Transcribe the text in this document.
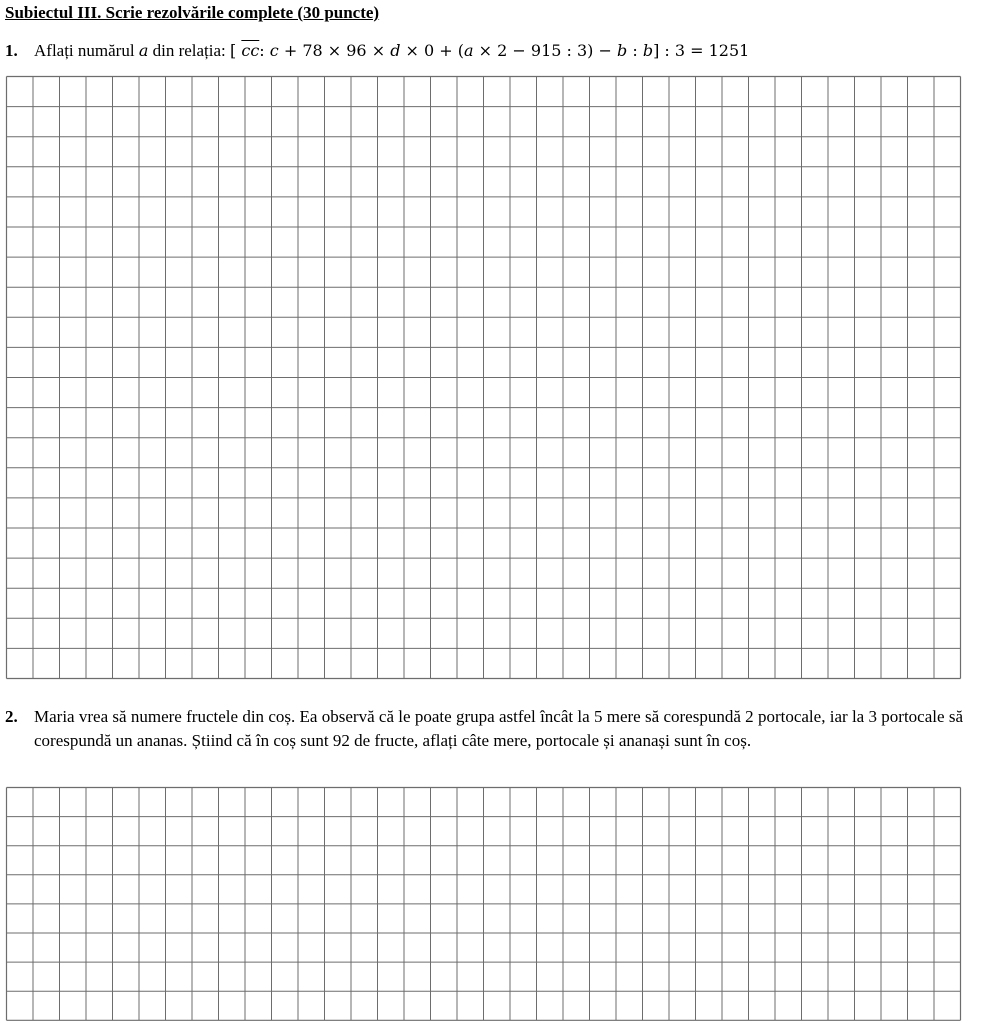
Subiectul III. Scrie rezolvările complete (30 puncte)
1. Aflați numărul a din relația: [ $\overline{cc}$: c + 78 × 96 × d × 0 + (a × 2 − 915 : 3) − b : b] : 3 = 1251
2. Maria vrea să numere fructele din coș. Ea observă că le poate grupa astfel încât la 5 mere să corespundă 2 portocale, iar la 3 portocale să corespundă un ananas. Știind că în coș sunt 92 de fructe, aflați câte mere, portocale și ananași sunt în coș.
